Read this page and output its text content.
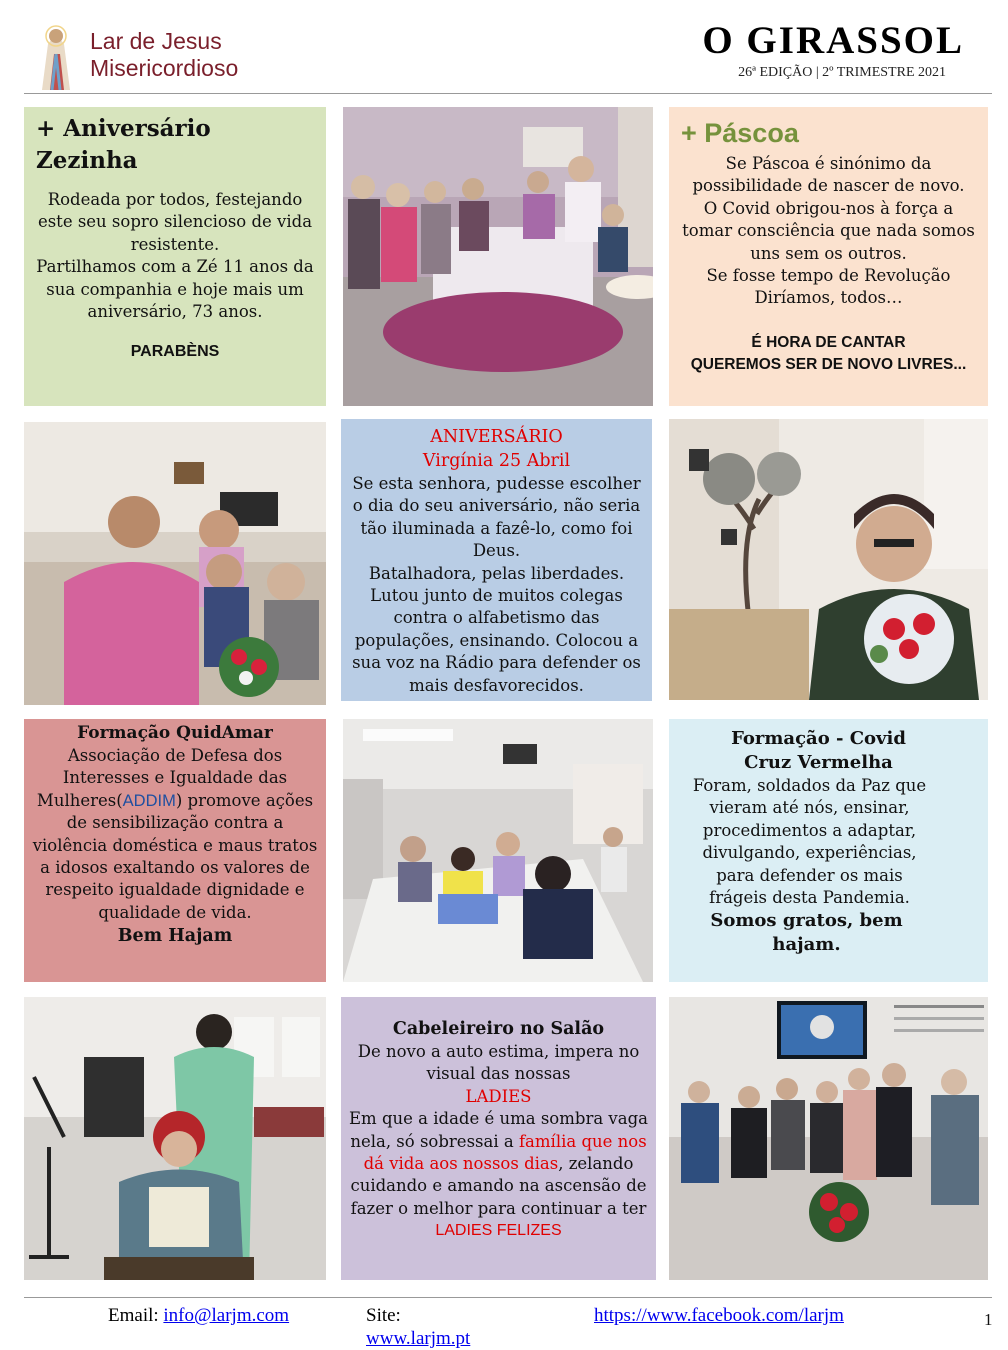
Lar de Jesus
Misericordioso
O GIRASSOL
26ª EDIÇÃO | 2º TRIMESTRE 2021
+ Aniversário
Zezinha
Rodeada por todos, festejando este seu sopro silencioso de vida resistente.
Partilhamos com a Zé 11 anos da sua companhia e hoje mais um aniversário, 73 anos.
PARABÈNS
+ Páscoa
Se Páscoa é sinónimo da possibilidade de nascer de novo.
O Covid obrigou-nos à força a tomar consciência que nada somos uns sem os outros.
Se fosse tempo de Revolução
Diríamos, todos…
É HORA DE CANTAR
QUEREMOS SER DE NOVO LIVRES...
ANIVERSÁRIO
Virgínia 25 Abril
Se esta senhora, pudesse escolher o dia do seu aniversário, não seria tão iluminada a fazê-lo, como foi Deus.
Batalhadora, pelas liberdades.
Lutou junto de muitos colegas contra o alfabetismo das populações, ensinando. Colocou a sua voz na Rádio para defender os mais desfavorecidos.
Formação QuidAmar
Associação de Defesa dos Interesses e Igualdade das Mulheres(ADDIM) promove ações de sensibilização contra a violência doméstica e maus tratos a idosos exaltando os valores de respeito igualdade dignidade e qualidade de vida.
Bem Hajam
Formação - Covid
Cruz Vermelha
Foram, soldados da Paz que vieram até nós, ensinar, procedimentos a adaptar, divulgando, experiências, para defender os mais frágeis desta Pandemia.
Somos gratos, bem hajam.
Cabeleireiro no Salão
De novo a auto estima, impera no visual das nossas
LADIES
Em que a idade é uma sombra vaga nela, só sobressai a família que nos dá vida aos nossos dias, zelando cuidando e amando na ascensão de fazer o melhor para continuar a ter
LADIES FELIZES
Email: info@larjm.com	Site:
www.larjm.pt
https://www.facebook.com/larjm	1
